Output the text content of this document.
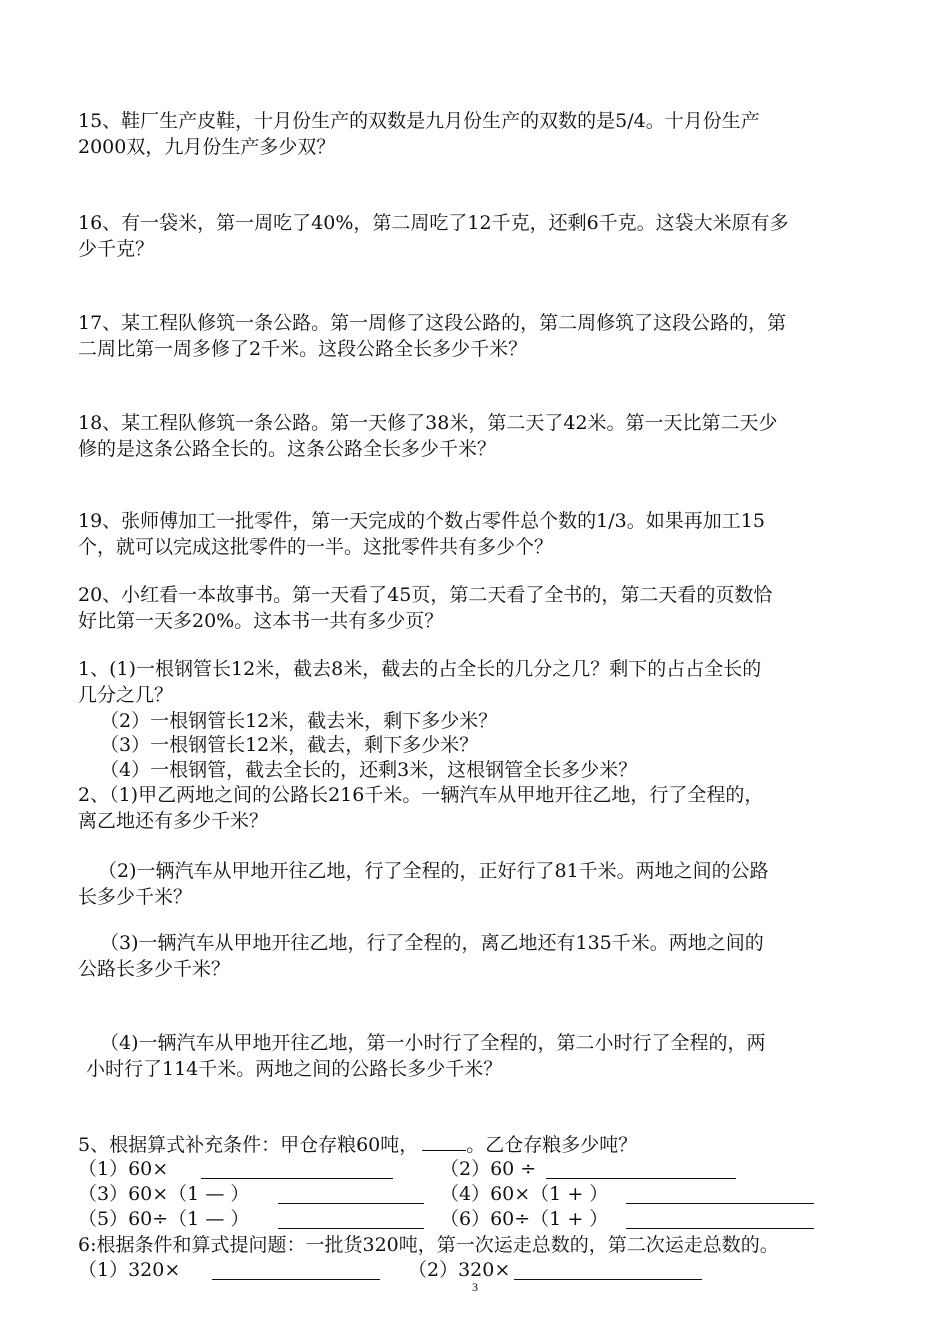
15、鞋厂生产皮鞋，十月份生产的双数是九月份生产的双数的是5/4。十月份生产
2000双，九月份生产多少双？
16、有一袋米，第一周吃了40%，第二周吃了12千克，还剩6千克。这袋大米原有多
少千克？
17、某工程队修筑一条公路。第一周修了这段公路的，第二周修筑了这段公路的，第
二周比第一周多修了2千米。这段公路全长多少千米？
18、某工程队修筑一条公路。第一天修了38米，第二天了42米。第一天比第二天少
修的是这条公路全长的。这条公路全长多少千米？
19、张师傅加工一批零件，第一天完成的个数占零件总个数的1/3。如果再加工15
个，就可以完成这批零件的一半。这批零件共有多少个？
20、小红看一本故事书。第一天看了45页，第二天看了全书的，第二天看的页数恰
好比第一天多20%。这本书一共有多少页？
1、(1)一根钢管长12米，截去8米，截去的占全长的几分之几？剩下的占占全长的
几分之几？
（2）一根钢管长12米，截去米，剩下多少米？
（3）一根钢管长12米，截去，剩下多少米？
（4）一根钢管，截去全长的，还剩3米，这根钢管全长多少米？
2、（1)甲乙两地之间的公路长216千米。一辆汽车从甲地开往乙地，行了全程的，
离乙地还有多少千米？
（2)一辆汽车从甲地开往乙地，行了全程的，正好行了81千米。两地之间的公路
长多少千米？
（3)一辆汽车从甲地开往乙地，行了全程的，离乙地还有135千米。两地之间的
公路长多少千米？
（4)一辆汽车从甲地开往乙地，第一小时行了全程的，第二小时行了全程的，两
小时行了114千米。两地之间的公路长多少千米？
5、根据算式补充条件：甲仓存粮60吨，	。乙仓存粮多少吨？
（1）60×	（2）60 ÷
（3）60×（1 — ）	（4）60×（1 + ）
（5）60÷（1 — ）	（6）60÷（1 + ）
6:根据条件和算式提问题：一批货320吨，第一次运走总数的，第二次运走总数的。
（1）320×	（2）320×
3
